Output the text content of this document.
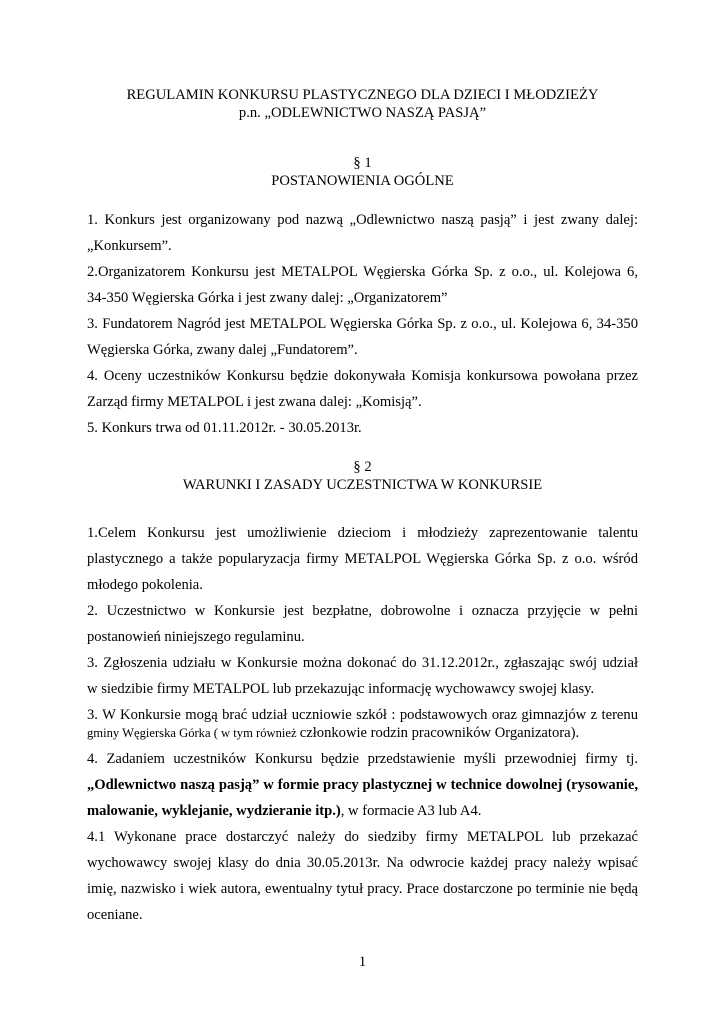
REGULAMIN KONKURSU PLASTYCZNEGO DLA DZIECI I MŁODZIEŻY
p.n. „ODLEWNICTWO NASZĄ PASJĄ”
§ 1
POSTANOWIENIA OGÓLNE
1. Konkurs jest organizowany pod nazwą „Odlewnictwo naszą pasją” i jest zwany dalej:
„Konkursem”.
2.Organizatorem Konkursu jest METALPOL Węgierska Górka Sp. z o.o., ul. Kolejowa 6,
34-350 Węgierska Górka i jest zwany dalej: „Organizatorem”
3. Fundatorem Nagród jest METALPOL Węgierska Górka Sp. z o.o., ul. Kolejowa 6, 34-350
Węgierska Górka, zwany dalej „Fundatorem”.
4. Oceny uczestników Konkursu będzie dokonywała Komisja konkursowa powołana przez
Zarząd firmy METALPOL i jest zwana dalej: „Komisją”.
5. Konkurs trwa od 01.11.2012r. - 30.05.2013r.
§ 2
WARUNKI I ZASADY UCZESTNICTWA W KONKURSIE
1.Celem Konkursu jest umożliwienie dzieciom i młodzieży zaprezentowanie talentu
plastycznego a także popularyzacja firmy METALPOL Węgierska Górka Sp. z o.o. wśród
młodego pokolenia.
2. Uczestnictwo w Konkursie jest bezpłatne, dobrowolne i oznacza przyjęcie w pełni
postanowień niniejszego regulaminu.
3. Zgłoszenia udziału w Konkursie można dokonać do 31.12.2012r., zgłaszając swój udział
w siedzibie firmy METALPOL lub przekazując informację wychowawcy swojej klasy.
3. W Konkursie mogą brać udział uczniowie szkół : podstawowych oraz gimnazjów z terenu
gminy Węgierska Górka ( w tym również członkowie rodzin pracowników Organizatora).
4. Zadaniem uczestników Konkursu będzie przedstawienie myśli przewodniej firmy tj.
„Odlewnictwo naszą pasją” w formie pracy plastycznej w technice dowolnej (rysowanie,
malowanie, wyklejanie, wydzieranie itp.), w formacie A3 lub A4.
4.1 Wykonane prace dostarczyć należy do siedziby firmy METALPOL lub przekazać
wychowawcy swojej klasy do dnia 30.05.2013r. Na odwrocie każdej pracy należy wpisać
imię, nazwisko i wiek autora, ewentualny tytuł pracy. Prace dostarczone po terminie nie będą
oceniane.
1
